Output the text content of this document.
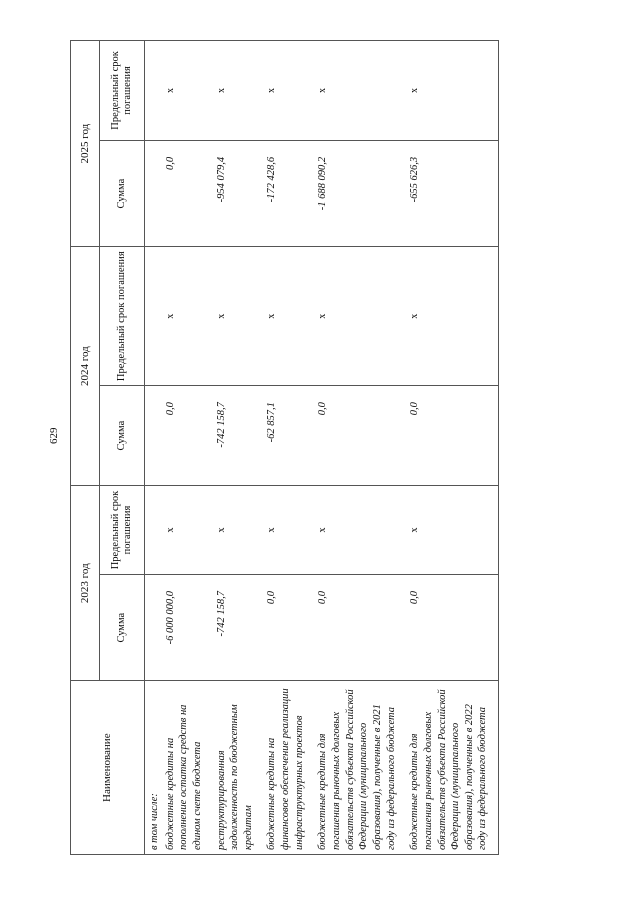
629
Наименование	2023 год		2024 год		2025 год	
	Сумма	Предельный срок погашения	Сумма	Предельный срок погашения	Сумма	Предельный срок погашения
в том числе:						
бюджетные кредиты на пополнение остатка средств на едином счете бюджета	-6 000 000,0	x	0,0	x	0,0	x
реструктурированная задолженность по бюджетным кредитам	-742 158,7	x	-742 158,7	x	-954 079,4	x
бюджетные кредиты на финансовое обеспечение реализации инфраструктурных проектов	0,0	x	-62 857,1	x	-172 428,6	x
бюджетные кредиты для погашения рыночных долговых обязательств субъекта Российской Федерации (муниципального образования), полученные в 2021 году из федерального бюджета	0,0	x	0,0	x	-1 688 090,2	x
бюджетные кредиты для погашения рыночных долговых обязательств субъекта Российской Федерации (муниципального образования), полученные в 2022 году из федерального бюджета	0,0	x	0,0	x	-655 626,3	x
